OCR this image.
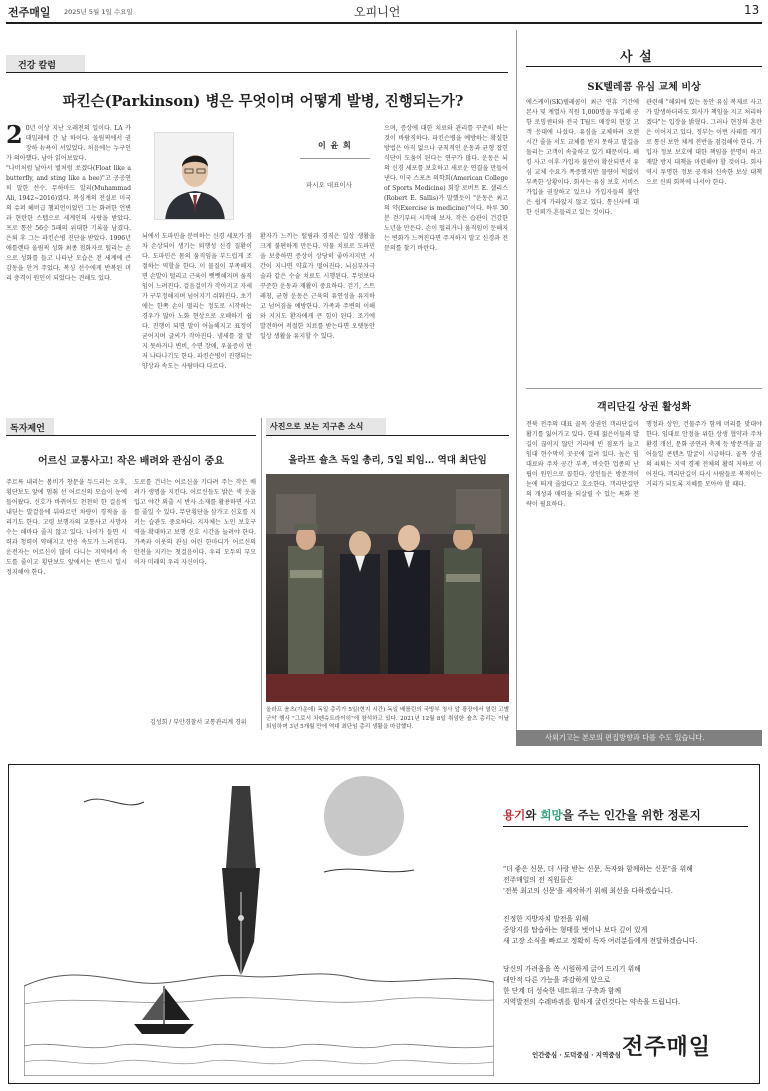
전주매일 2025년 5월 1일 수요일	오피니언	13
건강 칼럼
파킨슨(Parkinson) 병은 무엇이며 어떻게 발병, 진행되는가?
2 0년 이상 지난 오래전의 일이다. LA 카데밀레에 간 날 하이다. 올림픽에서 권장하 뉴욕이 서있었다. 처음에는 누구인가 의아했다. 남아 읽어보았다.

"나비처럼 날아서 벌처럼 쏘겠다(Float like a butterfly, and sting like a bee)"고 공공연히 말한 선수. 무하마드 알리(Muhammad Ali, 1942~2016)였다. 복싱계의 전설로 미국의 슈퍼 헤비급 챔피언이었던 그는 화려한 언변과 현란한 스텝으로 세계인의 사랑을 받았다. 프로 통산 56승 5패의 위대한 기록을 남겼다. 은퇴 후 그는 파킨슨병 진단을 받았다. 1996년 애틀랜타 올림픽 성화 최종 점화자로 떨리는 손으로 성화를 들고 나타난 모습은 전 세계에 큰 감동을 안겨 주었다. 복싱 선수에게 반복된 머리 충격이 원인이 되었다는 견해도 있다.

이 윤 희
파시오 대표이사

뇌에서 도파민을 분비하는 신경 세포가 점차 손상되어 생기는 퇴행성 신경 질환이다. 도파민은 몸의 움직임을 부드럽게 조절하는 역할을 한다. 이 물질이 부족해지면 손발이 떨리고 근육이 뻣뻣해지며 움직임이 느려진다. 걸음걸이가 작아지고 자세가 구부정해지며 넘어지기 쉬워진다. 초기에는 한쪽 손이 떨리는 정도로 시작하는 경우가 많아 노화 현상으로 오해하기 쉽다. 진행이 되면 말이 어눌해지고 표정이 굳어지며 글씨가 작아진다. 냄새를 잘 맡지 못하거나 변비, 수면 장애, 우울증이 먼저 나타나기도 한다. 파킨슨병이 진행되는 양상과 속도는 사람마다 다르다.

환자가 느끼는 떨림과 경직은 일상 생활을 크게 불편하게 만든다. 약물 치료로 도파민을 보충하면 증상이 상당히 좋아지지만 시간이 지나면 약효가 떨어진다. 뇌심부자극술과 같은 수술 치료도 시행된다. 무엇보다 꾸준한 운동과 재활이 중요하다. 걷기, 스트레칭, 균형 운동은 근육의 유연성을 유지하고 넘어짐을 예방한다. 가족과 주변의 이해와 지지도 환자에게 큰 힘이 된다. 조기에 발견하여 적절한 치료를 받는다면 오랫동안 일상 생활을 유지할 수 있다.

으며, 증상에 대한 치료와 관리를 꾸준히 하는 것이 바람직하다. 파킨슨병을 예방하는 확실한 방법은 아직 없으나 규칙적인 운동과 균형 잡힌 식단이 도움이 된다는 연구가 많다. 운동은 뇌의 신경 세포를 보호하고 새로운 연결을 만들어 낸다. 미국 스포츠 의학회(American College of Sports Medicine) 회장 로버트 E. 샐리스(Robert E. Sallis)가 말했듯이 "운동은 최고의 약(Exercise is medicine)"이다. 하루 30분 걷기부터 시작해 보자. 작은 습관이 건강한 노년을 만든다. 손이 떨리거나 움직임이 둔해지는 변화가 느껴진다면 주저하지 말고 신경과 전문의를 찾기 바란다.

사 설
SK텔레콤 유심 교체 비상

에스케이(SK)텔레콤이 최근 연휴 기간에 본사 및 계열사 직원 1,000명을 투입해 공항 로밍센터와 전국 T월드 매장의 현장 고객 응대에 나섰다. 유심을 교체하려 오랜 시간 줄을 서도 교체를 받지 못하고 발길을 돌리는 고객이 속출하고 있기 때문이다. 해킹 사고 이후 가입자 불안이 확산되면서 유심 교체 수요가 폭증했지만 물량이 턱없이 부족한 상황이다. 회사는 유심 보호 서비스 가입을 권장하고 있으나 가입자들의 불안은 쉽게 가라앉지 않고 있다. 통신사에 대한 신뢰가 흔들리고 있는 것이다.

관련해 "해외에 있는 동안 유심 복제로 사고가 발생하더라도 회사가 책임을 지고 처리하겠다"는 입장을 밝혔다. 그러나 현장의 혼란은 이어지고 있다. 정부는 이번 사태를 계기로 통신 보안 체계 전반을 점검해야 한다. 가입자 정보 보호에 대한 책임을 분명히 하고 재발 방지 대책을 마련해야 할 것이다. 회사 역시 투명한 정보 공개와 신속한 보상 대책으로 신뢰 회복에 나서야 한다.

객리단길 상권 활성화

전북 전주의 대표 골목 상권인 객리단길이 활기를 잃어가고 있다. 한때 젊은이들의 발길이 끊이지 않던 거리에 빈 점포가 늘고 임대 현수막이 곳곳에 걸려 있다. 높은 임대료와 주차 공간 부족, 비슷한 업종의 난립이 원인으로 꼽힌다. 상인들은 방문객이 눈에 띄게 줄었다고 호소한다. 객리단길만의 개성과 매력을 되살릴 수 있는 특화 전략이 필요하다.

행정과 상인, 건물주가 함께 머리를 맞대야 한다. 임대료 안정을 위한 상생 협약과 주차 환경 개선, 문화 공연과 축제 등 방문객을 끌어들일 콘텐츠 발굴이 시급하다. 골목 상권의 쇠퇴는 지역 경제 전체의 활력 저하로 이어진다. 객리단길이 다시 사람들로 북적이는 거리가 되도록 지혜를 모아야 할 때다.

독자제언
어르신 교통사고! 작은 배려와 관심이 중요

주르륵 내리는 봄비가 창문을 두드리는 오후, 횡단보도 앞에 멈춰 선 어르신의 모습이 눈에 들어왔다. 신호가 바뀌어도 천천히 한 걸음씩 내딛는 발걸음에 뒤따르던 차량이 경적을 울리기도 한다. 고령 보행자의 교통사고 사망자 수는 해마다 줄지 않고 있다. 나이가 들면 시력과 청력이 약해지고 반응 속도가 느려진다. 운전자는 어르신이 많이 다니는 지역에서 속도를 줄이고 횡단보도 앞에서는 반드시 일시 정지해야 한다.

도로를 건너는 어르신을 기다려 주는 작은 배려가 생명을 지킨다. 어르신들도 밝은 색 옷을 입고 야간 외출 시 반사 소재를 활용하면 사고를 줄일 수 있다. 무단횡단을 삼가고 신호를 지키는 습관도 중요하다. 지자체는 노인 보호구역을 확대하고 보행 신호 시간을 늘려야 한다. 가족과 이웃의 관심 어린 한마디가 어르신의 안전을 지키는 첫걸음이다. 우리 모두의 부모이자 미래의 우리 자신이다.

김성희 / 부안경찰서 교통관리계 경위
사진으로 보는 지구촌 소식
올라프 숄츠 독일 총리, 5일 퇴임… 역대 최단임

올라프 숄츠(가운데) 독일 총리가 5일(현지 시간) 독일 베를린의 국방부 청사 앞 광장에서 열린 고별 군악 행사 "그로서 차펜슈트라이히"에 참석하고 있다. 2021년 12월 8일 취임한 숄츠 총리는 이날 퇴임하며 3년 5개월 만에 역대 최단임 총리 생활을 마감했다.

사외기고는 본보의 편집방향과 다를 수도 있습니다.
용기와 희망을 주는 인간을 위한 정론지

"더 좋은 신문, 더 사랑 받는 신문, 독자와 함께하는 신문"을 위해
전주매일의 전 직원들은
'전북 최고의 신문'을 제작하기 위해 최선을 다하겠습니다.

진정한 지방자치 발전을 위해
중앙지를 탑습하는 형태를 벗어나 보다 깊이 있게
새 고장 소식을 빠르고 정확히 독자 여러분들에게 전달하겠습니다.

당신의 가려움을 쏙 시원하게 긁어 드리기 위해
대안적 다른 가능을 과감하게 앞으로
한 단계 더 성숙한 네트워크 구축과 함께
지역발전의 수레바퀴를 힘차게 굴린것다는 약속을 드립니다.

인간중심 · 도덕중심 · 지역중심 전주매일
